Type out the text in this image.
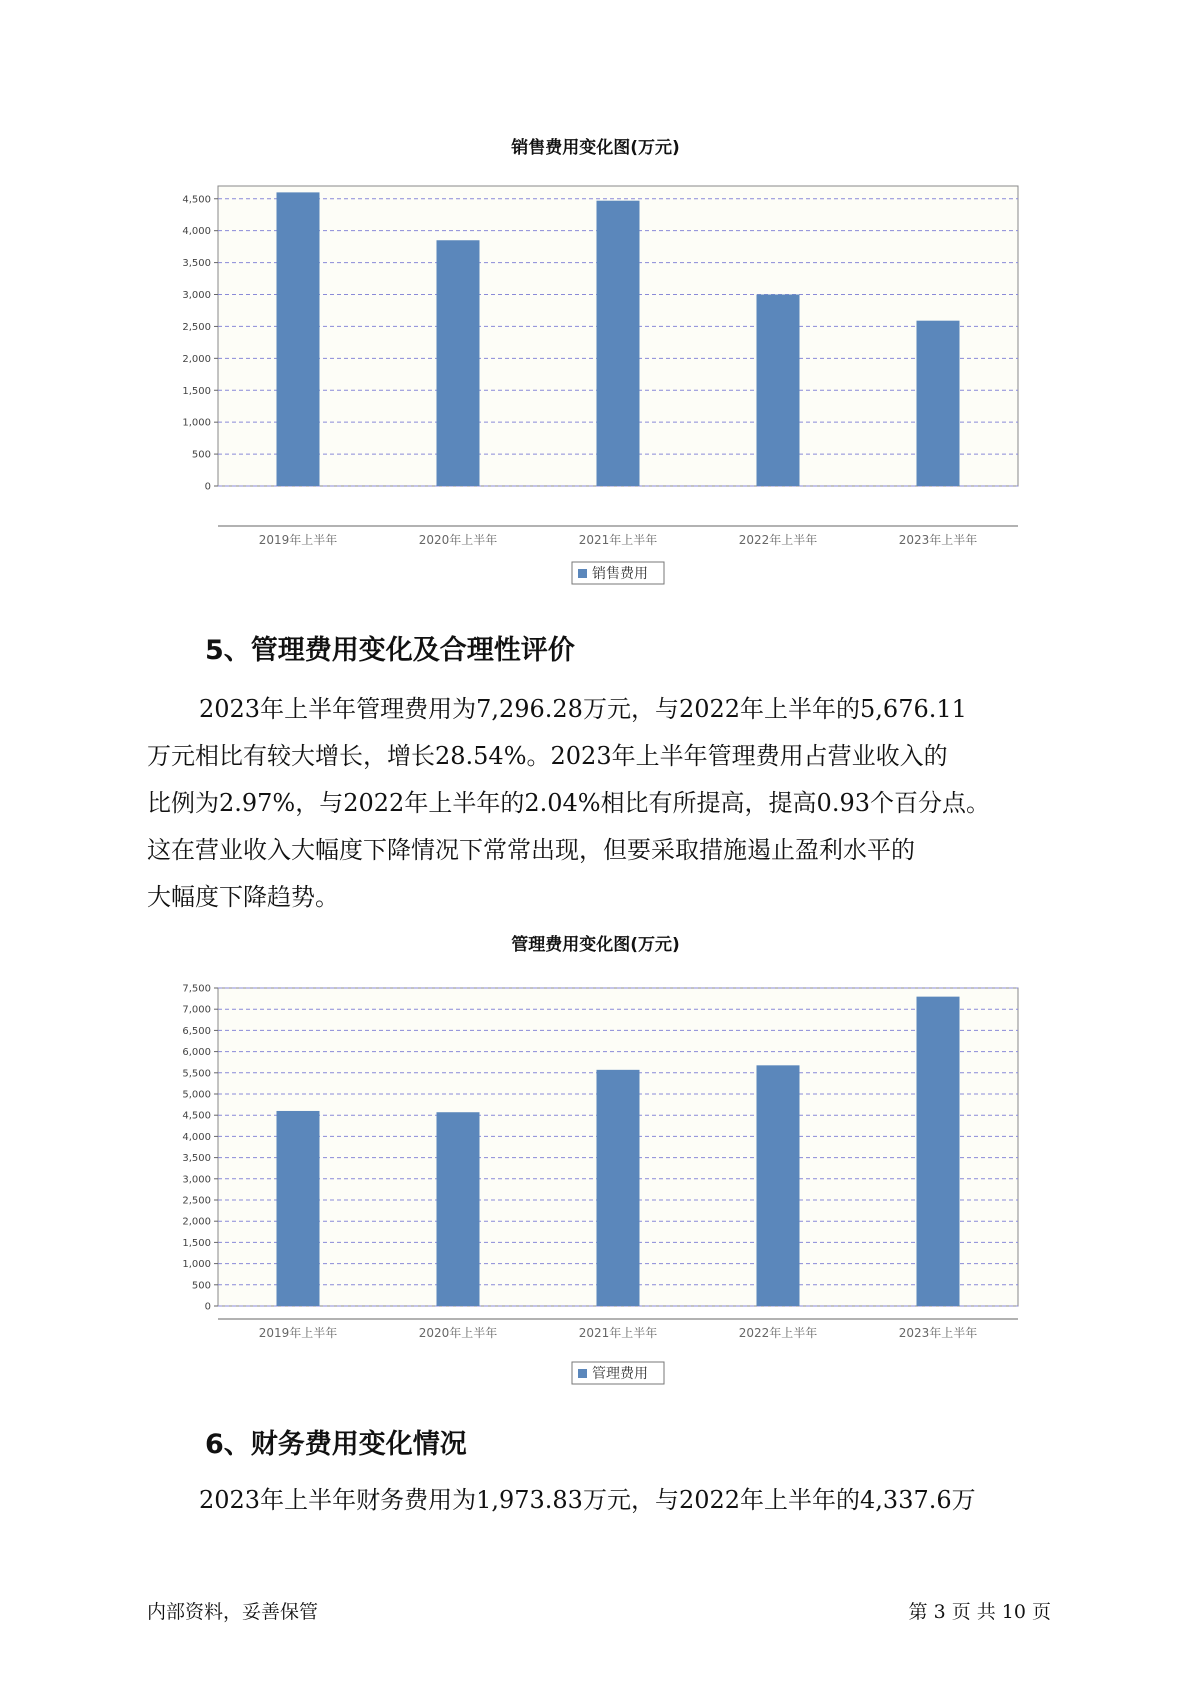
销售费用变化图(万元)
0
500
1,000
1,500
2,000
2,500
3,000
3,500
4,000
4,500
2019年上半年	2020年上半年	2021年上半年	2022年上半年	2023年上半年
销售费用
5、管理费用变化及合理性评价
2023年上半年管理费用为7,296.28万元，与2022年上半年的5,676.11
万元相比有较大增长，增长28.54%。2023年上半年管理费用占营业收入的
比例为2.97%，与2022年上半年的2.04%相比有所提高，提高0.93个百分点。
这在营业收入大幅度下降情况下常常出现，但要采取措施遏止盈利水平的
大幅度下降趋势。
管理费用变化图(万元)
0
500
1,000
1,500
2,000
2,500
3,000
3,500
4,000
4,500
5,000
5,500
6,000
6,500
7,000
7,500
2019年上半年	2020年上半年	2021年上半年	2022年上半年	2023年上半年
管理费用
6、财务费用变化情况
2023年上半年财务费用为1,973.83万元，与2022年上半年的4,337.6万
内部资料，妥善保管	第 3 页 共 10 页
